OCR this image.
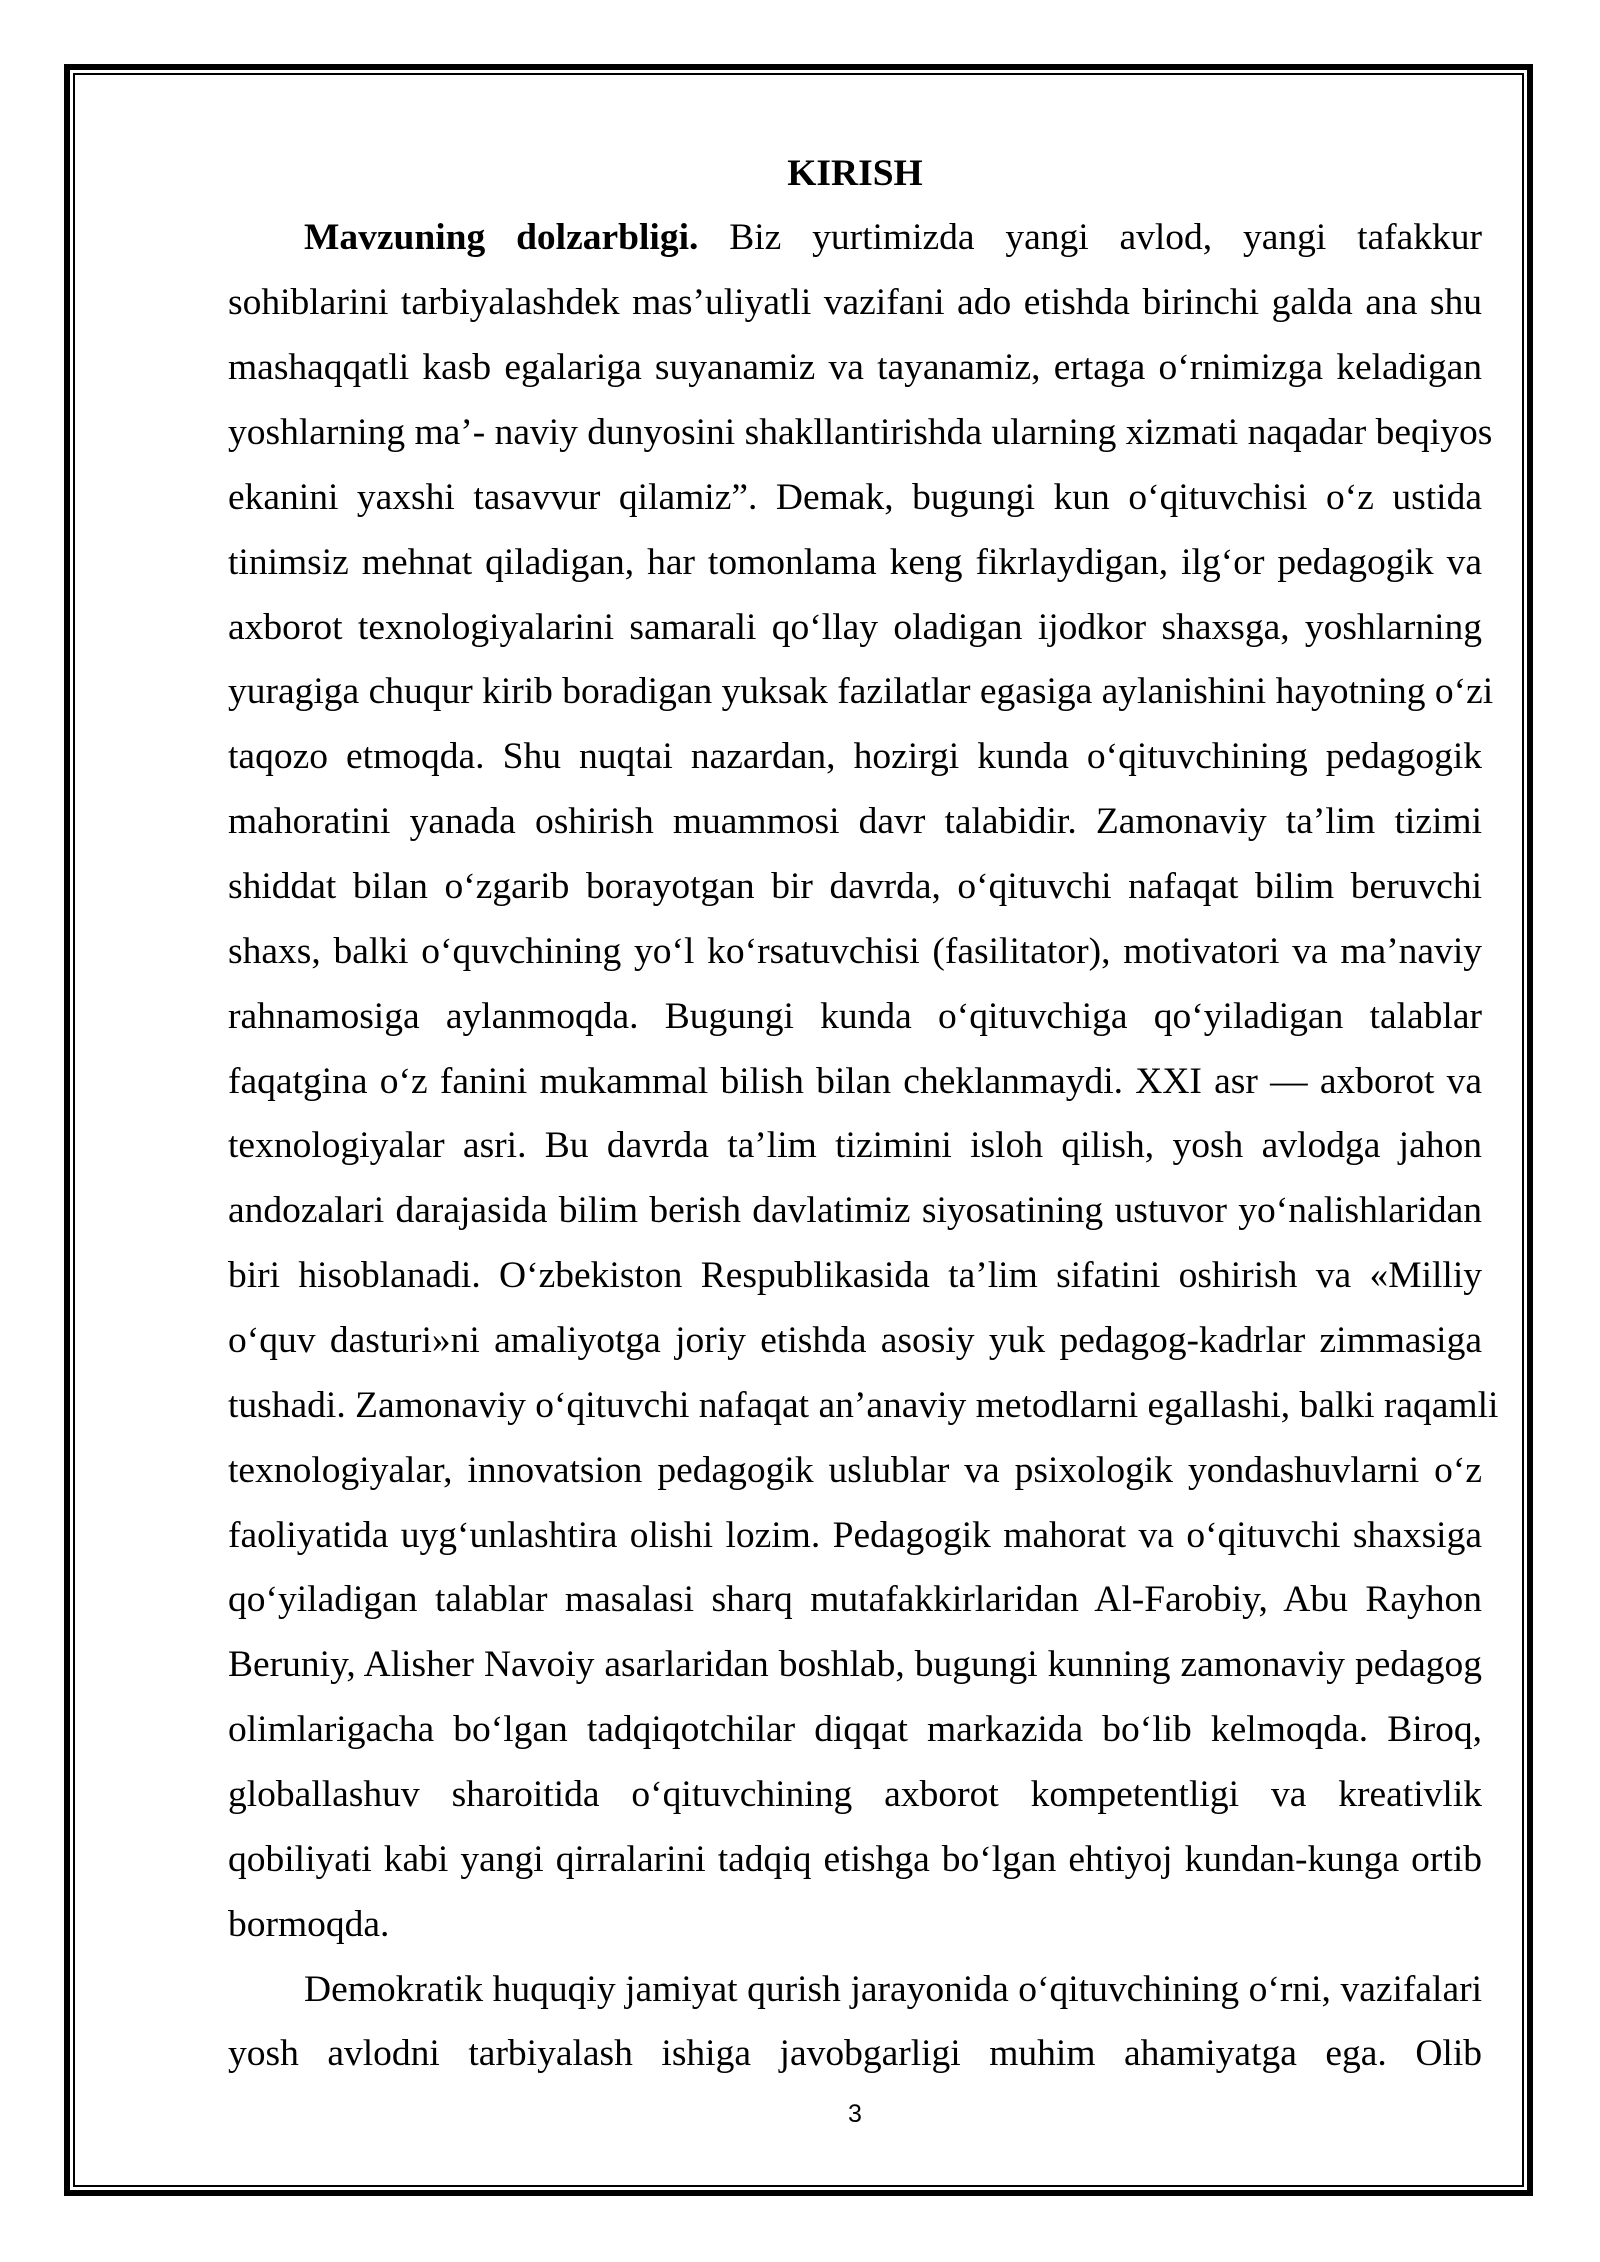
KIRISH
Mavzuning dolzarbligi. Biz yurtimizda yangi avlod, yangi tafakkur
sohiblarini tarbiyalashdek mas’uliyatli vazifani ado etishda birinchi galda ana shu
mashaqqatli kasb egalariga suyanamiz va tayanamiz, ertaga o‘rnimizga keladigan
yoshlarning ma’- naviy dunyosini shakllantirishda ularning xizmati naqadar beqiyos
ekanini yaxshi tasavvur qilamiz”. Demak, bugungi kun o‘qituvchisi o‘z ustida
tinimsiz mehnat qiladigan, har tomonlama keng fikrlaydigan, ilg‘or pedagogik va
axborot texnologiyalarini samarali qo‘llay oladigan ijodkor shaxsga, yoshlarning
yuragiga chuqur kirib boradigan yuksak fazilatlar egasiga aylanishini hayotning o‘zi
taqozo etmoqda. Shu nuqtai nazardan, hozirgi kunda o‘qituvchining pedagogik
mahoratini yanada oshirish muammosi davr talabidir. Zamonaviy ta’lim tizimi
shiddat bilan o‘zgarib borayotgan bir davrda, o‘qituvchi nafaqat bilim beruvchi
shaxs, balki o‘quvchining yo‘l ko‘rsatuvchisi (fasilitator), motivatori va ma’naviy
rahnamosiga aylanmoqda. Bugungi kunda o‘qituvchiga qo‘yiladigan talablar
faqatgina o‘z fanini mukammal bilish bilan cheklanmaydi. XXI asr — axborot va
texnologiyalar asri. Bu davrda ta’lim tizimini isloh qilish, yosh avlodga jahon
andozalari darajasida bilim berish davlatimiz siyosatining ustuvor yo‘nalishlaridan
biri hisoblanadi. O‘zbekiston Respublikasida ta’lim sifatini oshirish va «Milliy
o‘quv dasturi»ni amaliyotga joriy etishda asosiy yuk pedagog-kadrlar zimmasiga
tushadi. Zamonaviy o‘qituvchi nafaqat an’anaviy metodlarni egallashi, balki raqamli
texnologiyalar, innovatsion pedagogik uslublar va psixologik yondashuvlarni o‘z
faoliyatida uyg‘unlashtira olishi lozim. Pedagogik mahorat va o‘qituvchi shaxsiga
qo‘yiladigan talablar masalasi sharq mutafakkirlaridan Al-Farobiy, Abu Rayhon
Beruniy, Alisher Navoiy asarlaridan boshlab, bugungi kunning zamonaviy pedagog
olimlarigacha bo‘lgan tadqiqotchilar diqqat markazida bo‘lib kelmoqda. Biroq,
globallashuv sharoitida o‘qituvchining axborot kompetentligi va kreativlik
qobiliyati kabi yangi qirralarini tadqiq etishga bo‘lgan ehtiyoj kundan-kunga ortib
bormoqda.
Demokratik huquqiy jamiyat qurish jarayonida o‘qituvchining o‘rni, vazifalari
yosh avlodni tarbiyalash ishiga javobgarligi muhim ahamiyatga ega. Olib
3
